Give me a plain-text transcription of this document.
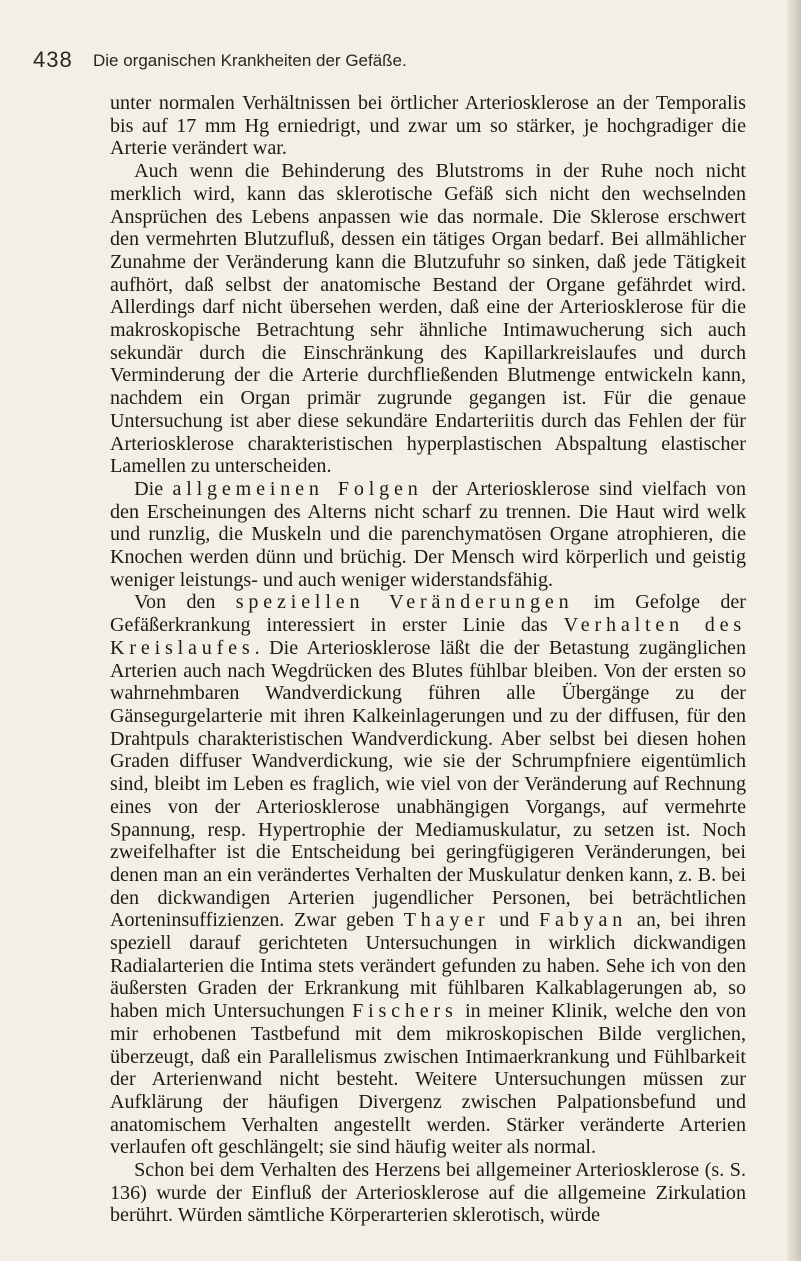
438 Die organischen Krankheiten der Gefäße.

unter normalen Verhältnissen bei örtlicher Arteriosklerose an der Temporalis bis auf 17 mm Hg erniedrigt, und zwar um so stärker, je hochgradiger die Arterie verändert war.

Auch wenn die Behinderung des Blutstroms in der Ruhe noch nicht merklich wird, kann das sklerotische Gefäß sich nicht den wechselnden Ansprüchen des Lebens anpassen wie das normale. Die Sklerose erschwert den vermehrten Blutzufluß, dessen ein tätiges Organ bedarf. Bei allmählicher Zunahme der Veränderung kann die Blutzufuhr so sinken, daß jede Tätigkeit aufhört, daß selbst der anatomische Bestand der Organe gefährdet wird. Allerdings darf nicht übersehen werden, daß eine der Arteriosklerose für die makroskopische Betrachtung sehr ähnliche Intimawucherung sich auch sekundär durch die Einschränkung des Kapillarkreislaufes und durch Verminderung der die Arterie durchfließenden Blutmenge entwickeln kann, nachdem ein Organ primär zugrunde gegangen ist. Für die genaue Untersuchung ist aber diese sekundäre Endarteriitis durch das Fehlen der für Arteriosklerose charakteristischen hyperplastischen Abspaltung elastischer Lamellen zu unterscheiden.

Die allgemeinen Folgen der Arteriosklerose sind vielfach von den Erscheinungen des Alterns nicht scharf zu trennen. Die Haut wird welk und runzlig, die Muskeln und die parenchymatösen Organe atrophieren, die Knochen werden dünn und brüchig. Der Mensch wird körperlich und geistig weniger leistungs- und auch weniger widerstandsfähig.

Von den speziellen Veränderungen im Gefolge der Gefäßerkrankung interessiert in erster Linie das Verhalten des Kreislaufes. Die Arteriosklerose läßt die der Betastung zugänglichen Arterien auch nach Wegdrücken des Blutes fühlbar bleiben. Von der ersten so wahrnehmbaren Wandverdickung führen alle Übergänge zu der Gänsegurgelarterie mit ihren Kalkeinlagerungen und zu der diffusen, für den Drahtpuls charakteristischen Wandverdickung. Aber selbst bei diesen hohen Graden diffuser Wandverdickung, wie sie der Schrumpfniere eigentümlich sind, bleibt im Leben es fraglich, wie viel von der Veränderung auf Rechnung eines von der Arteriosklerose unabhängigen Vorgangs, auf vermehrte Spannung, resp. Hypertrophie der Mediamuskulatur, zu setzen ist. Noch zweifelhafter ist die Entscheidung bei geringfügigeren Veränderungen, bei denen man an ein verändertes Verhalten der Muskulatur denken kann, z. B. bei den dickwandigen Arterien jugendlicher Personen, bei beträchtlichen Aorteninsuffizienzen. Zwar geben Thayer und Fabyan an, bei ihren speziell darauf gerichteten Untersuchungen in wirklich dickwandigen Radialarterien die Intima stets verändert gefunden zu haben. Sehe ich von den äußersten Graden der Erkrankung mit fühlbaren Kalkablagerungen ab, so haben mich Untersuchungen Fischers in meiner Klinik, welche den von mir erhobenen Tastbefund mit dem mikroskopischen Bilde verglichen, überzeugt, daß ein Parallelismus zwischen Intimaerkrankung und Fühlbarkeit der Arterienwand nicht besteht. Weitere Untersuchungen müssen zur Aufklärung der häufigen Divergenz zwischen Palpationsbefund und anatomischem Verhalten angestellt werden. Stärker veränderte Arterien verlaufen oft geschlängelt; sie sind häufig weiter als normal.

Schon bei dem Verhalten des Herzens bei allgemeiner Arteriosklerose (s. S. 136) wurde der Einfluß der Arteriosklerose auf die allgemeine Zirkulation berührt. Würden sämtliche Körperarterien sklerotisch, würde
